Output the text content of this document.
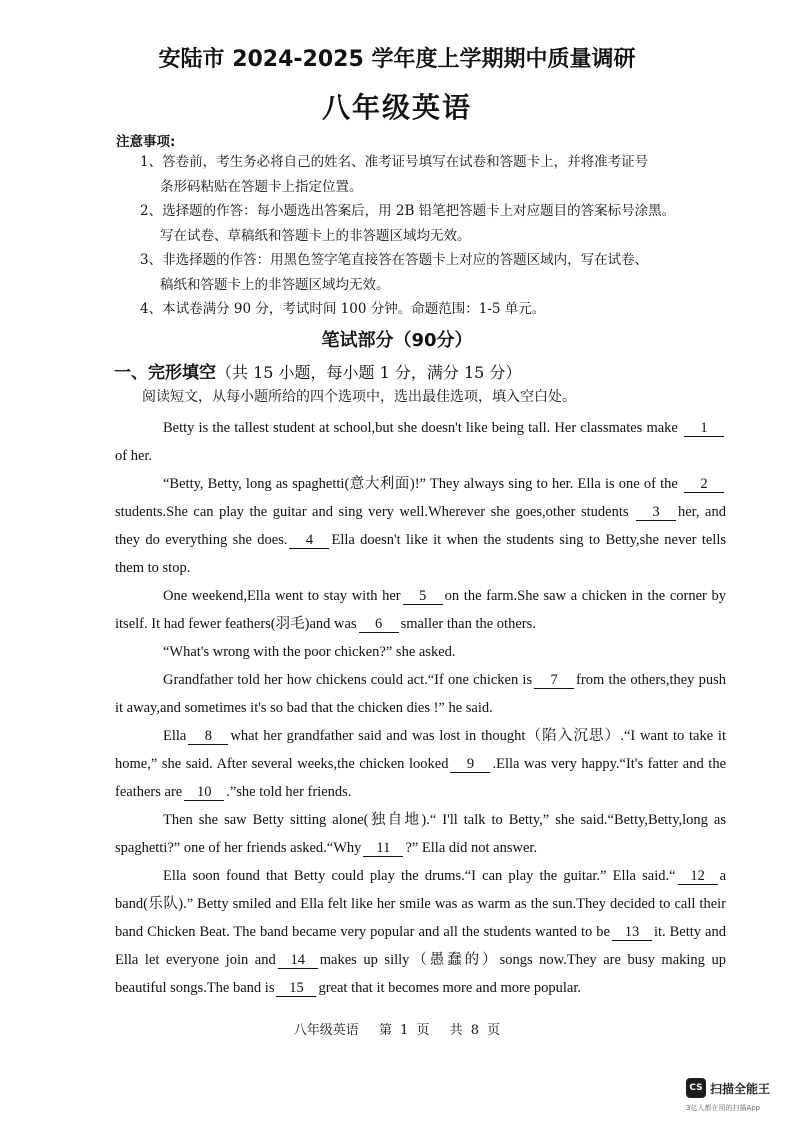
安陆市 2024-2025 学年度上学期期中质量调研
八年级英语
注意事项:
1、答卷前，考生务必将自己的姓名、准考证号填写在试卷和答题卡上，并将准考证号
条形码粘贴在答题卡上指定位置。
2、选择题的作答：每小题选出答案后，用 2B 铅笔把答题卡上对应题目的答案标号涂黑。
写在试卷、草稿纸和答题卡上的非答题区域均无效。
3、非选择题的作答：用黑色签字笔直接答在答题卡上对应的答题区域内，写在试卷、
稿纸和答题卡上的非答题区域均无效。
4、本试卷满分 90 分，考试时间 100 分钟。命题范围：1-5 单元。
笔试部分（90分）
一、完形填空（共 15 小题，每小题 1 分，满分 15 分）
阅读短文，从每小题所给的四个选项中，选出最佳选项，填入空白处。

Betty is the tallest student at school,but she doesn't like being tall. Her classmates make 1of her.

“Betty, Betty, long as spaghetti(意大利面)!” They always sing to her. Ella is one of the 2students.She can play the guitar and sing very well.Wherever she goes,other students 3 her, and they do everything she does. 4 Ella doesn't like it when the students sing to Betty,she never tells them to stop.

One weekend,Ella went to stay with her 5 on the farm.She saw a chicken in the corner by itself. It had fewer feathers(羽毛)and was 6 smaller than the others.

“What's wrong with the poor chicken?” she asked.

Grandfather told her how chickens could act.“If one chicken is 7 from the others,they push it away,and sometimes it's so bad that the chicken dies !” he said.

Ella 8 what her grandfather said and was lost in thought（陷入沉思）.“I want to take it home,” she said. After several weeks,the chicken looked 9 .Ella was very happy.“It's fatter and the feathers are 10 .”she told her friends.

Then she saw Betty sitting alone(独自地).“ I'll talk to Betty,” she said.“Betty,Betty,long as spaghetti?” one of her friends asked.“Why 11 ?” Ella did not answer.

Ella soon found that Betty could play the drums.“I can play the guitar.” Ella said.“ 12 a band(乐队).” Betty smiled and Ella felt like her smile was as warm as the sun.They decided to call their band Chicken Beat. The band became very popular and all the students wanted to be 13 it. Betty and Ella let everyone join and 14 makes up silly（愚蠢的）songs now.They are busy making up beautiful songs.The band is 15 great that it becomes more and more popular.

八年级英语 第 1 页 共 8 页
CS 扫描全能王
3亿人都在用的扫描App
